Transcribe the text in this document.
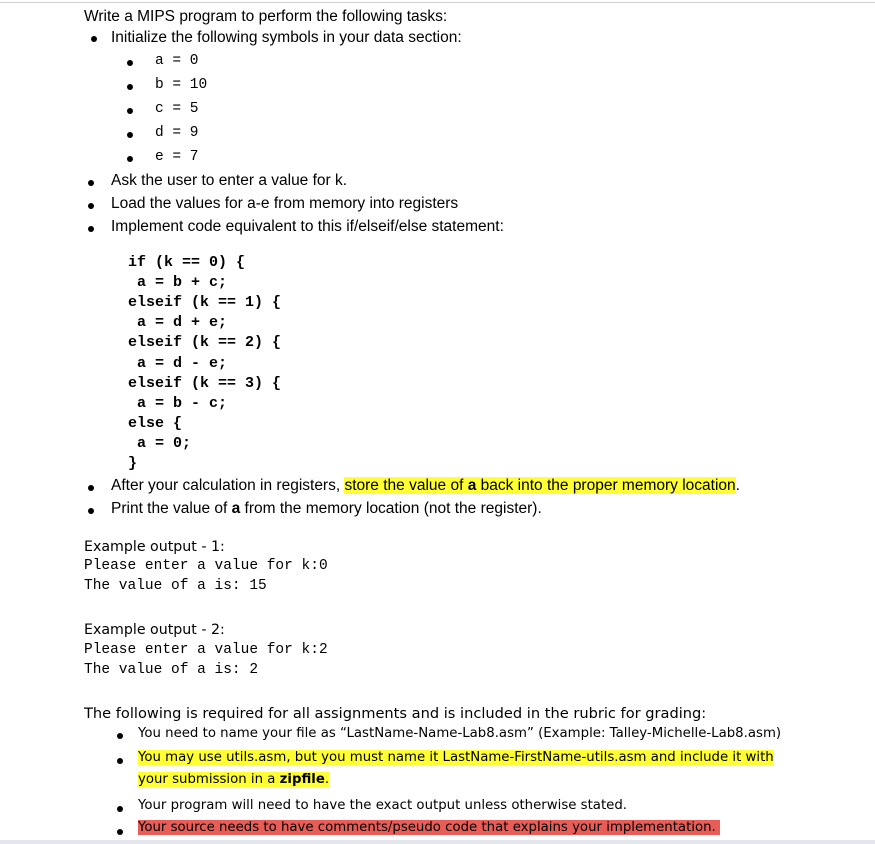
Write a MIPS program to perform the following tasks:
Initialize the following symbols in your data section:
a = 0
b = 10
c = 5
d = 9
e = 7
Ask the user to enter a value for k.
Load the values for a-e from memory into registers
Implement code equivalent to this if/elseif/else statement:
if (k == 0) {
a = b + c;
elseif (k == 1) {
a = d + e;
elseif (k == 2) {
a = d - e;
elseif (k == 3) {
a = b - c;
else {
a = 0;
}
After your calculation in registers, store the value of a back into the proper memory location.
Print the value of a from the memory location (not the register).
Example output - 1:
Please enter a value for k:0
The value of a is: 15
Example output - 2:
Please enter a value for k:2
The value of a is: 2
The following is required for all assignments and is included in the rubric for grading:
You need to name your file as “LastName-Name-Lab8.asm” (Example: Talley-Michelle-Lab8.asm)
You may use utils.asm, but you must name it LastName-FirstName-utils.asm and include it with
your submission in a zipfile.
Your program will need to have the exact output unless otherwise stated.
Your source needs to have comments/pseudo code that explains your implementation.
